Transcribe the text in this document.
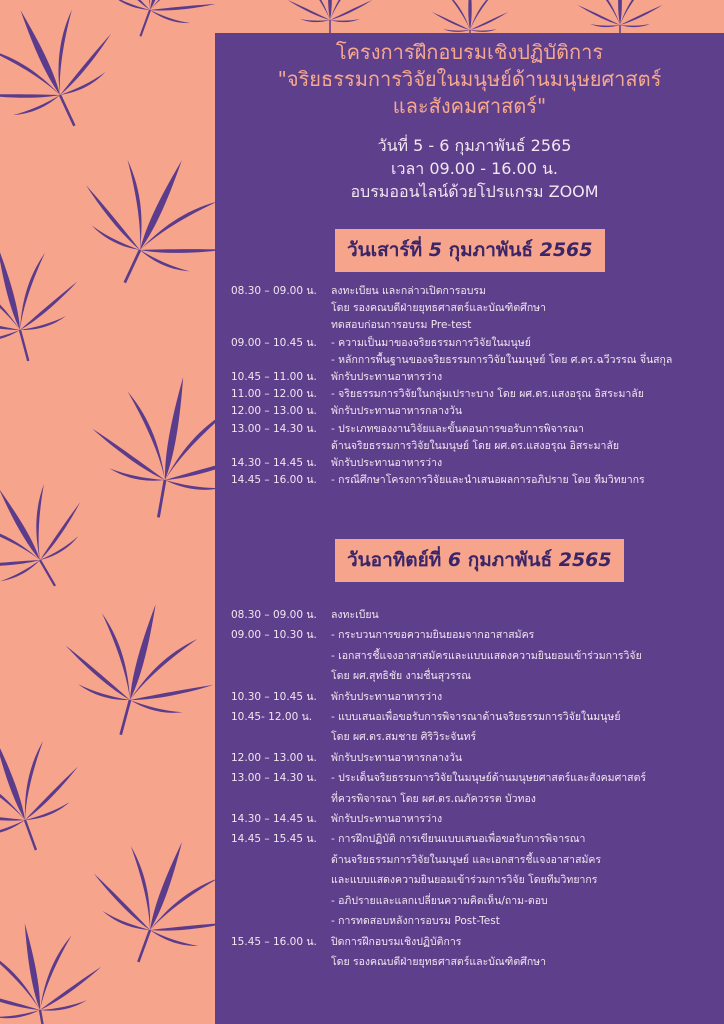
โครงการฝึกอบรมเชิงปฏิบัติการ
"จริยธรรมการวิจัยในมนุษย์ด้านมนุษยศาสตร์
และสังคมศาสตร์"
วันที่ 5 - 6 กุมภาพันธ์ 2565
เวลา 09.00 - 16.00 น.
อบรมออนไลน์ด้วยโปรแกรม ZOOM
วันเสาร์ที่ 5 กุมภาพันธ์ 2565
08.30 – 09.00 น.	ลงทะเบียน และกล่าวเปิดการอบรม
โดย รองคณบดีฝ่ายยุทธศาสตร์และบัณฑิตศึกษา
ทดสอบก่อนการอบรม Pre-test
09.00 – 10.45 น.	- ความเป็นมาของจริยธรรมการวิจัยในมนุษย์
- หลักการพื้นฐานของจริยธรรมการวิจัยในมนุษย์ โดย ศ.ดร.ฉวีวรรณ จึ่นสกุล
10.45 – 11.00 น.	พักรับประทานอาหารว่าง
11.00 – 12.00 น.	- จริยธรรมการวิจัยในกลุ่มเปราะบาง โดย ผศ.ดร.แสงอรุณ อิสระมาลัย
12.00 – 13.00 น.	พักรับประทานอาหารกลางวัน
13.00 – 14.30 น.	- ประเภทของงานวิจัยและขั้นตอนการขอรับการพิจารณา
ด้านจริยธรรมการวิจัยในมนุษย์ โดย ผศ.ดร.แสงอรุณ อิสระมาลัย
14.30 – 14.45 น.	พักรับประทานอาหารว่าง
14.45 – 16.00 น.	- กรณีศึกษาโครงการวิจัยและนำเสนอผลการอภิปราย โดย ทีมวิทยากร
วันอาทิตย์ที่ 6 กุมภาพันธ์ 2565
08.30 – 09.00 น.	ลงทะเบียน
09.00 – 10.30 น.	- กระบวนการขอความยินยอมจากอาสาสมัคร
- เอกสารชี้แจงอาสาสมัครและแบบแสดงความยินยอมเข้าร่วมการวิจัย
โดย ผศ.สุทธิชัย งามชื่นสุวรรณ
10.30 – 10.45 น.	พักรับประทานอาหารว่าง
10.45- 12.00 น.	- แบบเสนอเพื่อขอรับการพิจารณาด้านจริยธรรมการวิจัยในมนุษย์
โดย ผศ.ดร.สมชาย ศิริวิระจันทร์
12.00 – 13.00 น.	พักรับประทานอาหารกลางวัน
13.00 – 14.30 น.	- ประเด็นจริยธรรมการวิจัยในมนุษย์ด้านมนุษยศาสตร์และสังคมศาสตร์
ที่ควรพิจารณา โดย ผศ.ดร.ณภัควรรต บัวทอง
14.30 – 14.45 น.	พักรับประทานอาหารว่าง
14.45 – 15.45 น.	- การฝึกปฏิบัติ การเขียนแบบเสนอเพื่อขอรับการพิจารณา
ด้านจริยธรรมการวิจัยในมนุษย์ และเอกสารชี้แจงอาสาสมัคร
และแบบแสดงความยินยอมเข้าร่วมการวิจัย โดยทีมวิทยากร
- อภิปรายและแลกเปลี่ยนความคิดเห็น/ถาม-ตอบ
- การทดสอบหลังการอบรม Post-Test
15.45 – 16.00 น.	ปิดการฝึกอบรมเชิงปฏิบัติการ
โดย รองคณบดีฝ่ายยุทธศาสตร์และบัณฑิตศึกษา
